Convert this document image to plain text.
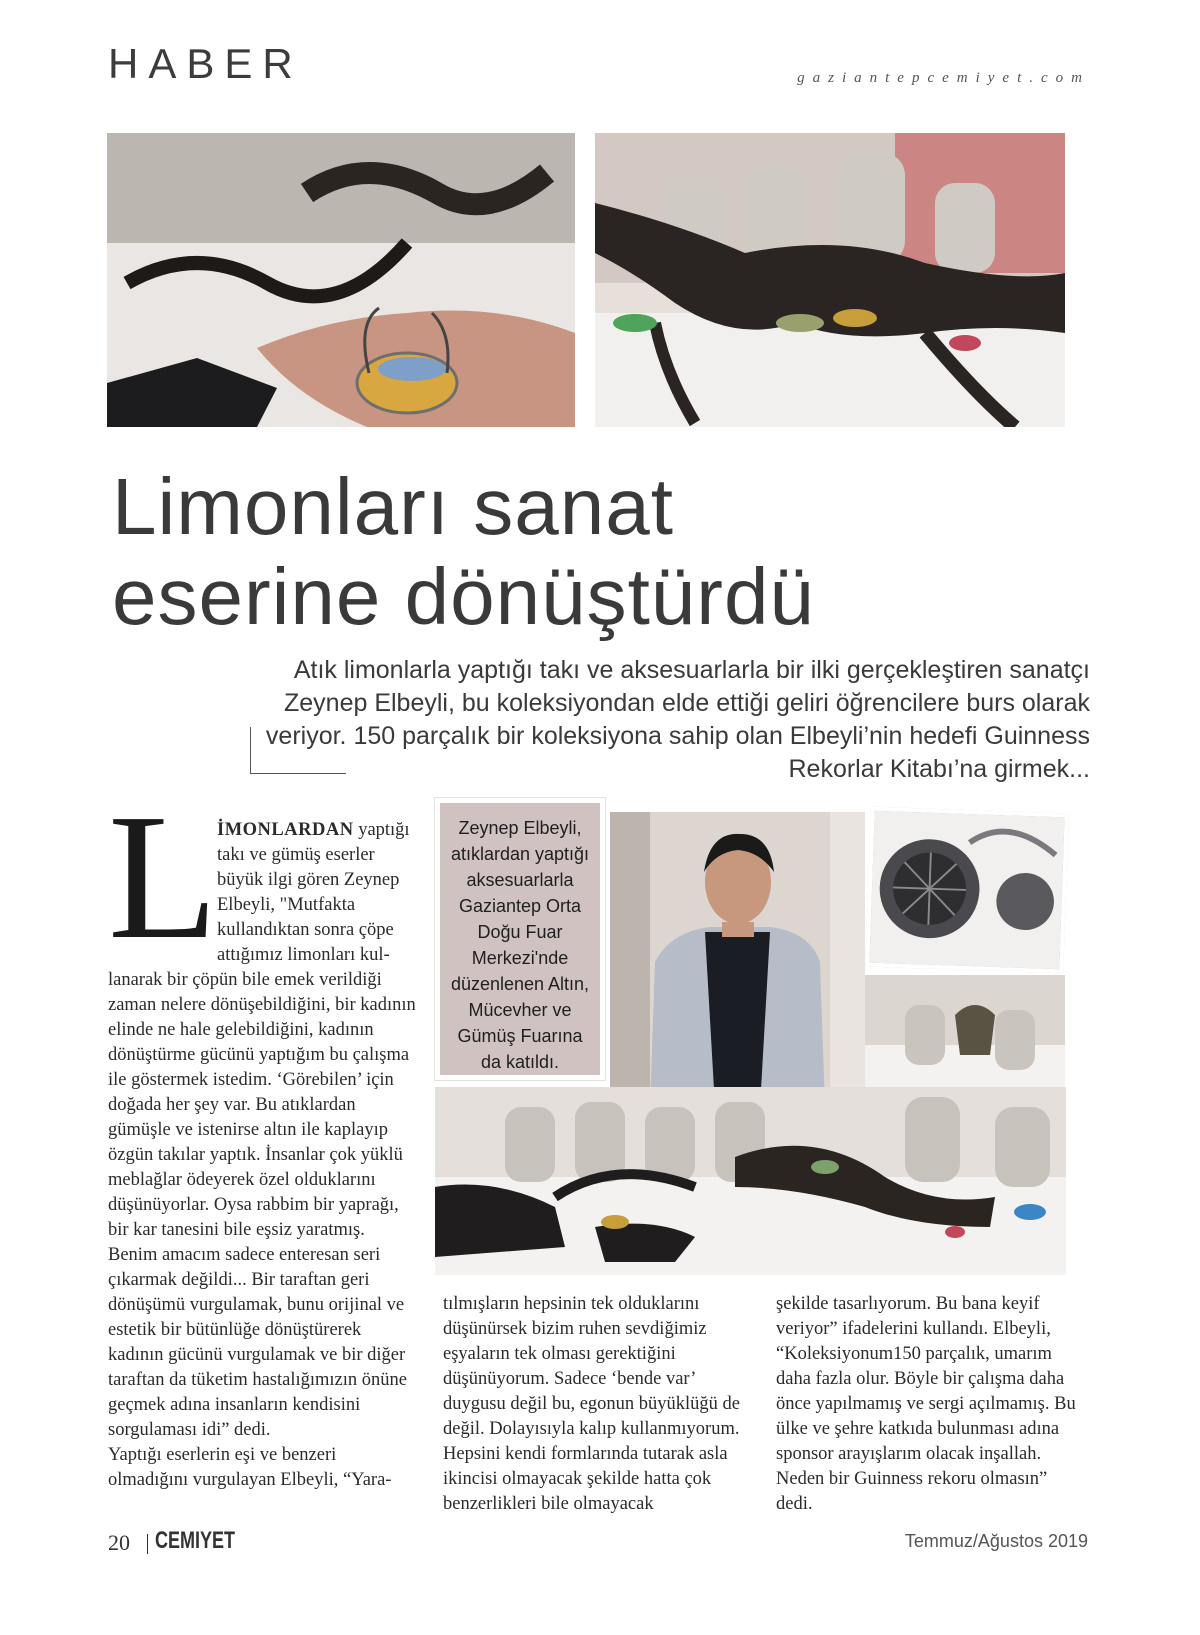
HABER	gaziantepcemiyet.com
Limonları sanat
eserine dönüştürdü
Atık limonlarla yaptığı takı ve aksesuarlarla bir ilki gerçekleştiren sanatçı Zeynep Elbeyli, bu koleksiyondan elde ettiği geliri öğrencilere burs olarak veriyor. 150 parçalık bir koleksiyona sahip olan Elbeyli’nin hedefi Guinness Rekorlar Kitabı’na girmek...
L İMONLARDAN yaptığı takı ve gümüş eserler büyük ilgi gören Zeynep Elbeyli, "Mutfakta kullandıktan sonra çöpe attığımız limonları kul-

lanarak bir çöpün bile emek verildiği zaman nelere dönüşebildiğini, bir kadının elinde ne hale gelebildiğini, kadının dönüştürme gücünü yaptığım bu çalışma ile göstermek istedim. ‘Görebilen’ için doğada her şey var. Bu atıklardan gümüşle ve istenirse altın ile kaplayıp özgün takılar yaptık. İnsanlar çok yüklü meblağlar ödeyerek özel olduklarını düşünüyorlar. Oysa rabbim bir yaprağı, bir kar tanesini bile eşsiz yaratmış. Benim amacım sadece enteresan seri çıkarmak değildi... Bir taraftan geri dönüşümü vurgulamak, bunu orijinal ve estetik bir bütünlüğe dönüştürerek kadının gücünü vurgulamak ve bir diğer taraftan da tüketim hastalığımızın önüne geçmek adına insanların kendisini sorgulaması idi” dedi.

Yaptığı eserlerin eşi ve benzeri olmadığını vurgulayan Elbeyli, “Yara-

Zeynep Elbeyli, atıklardan yaptığı aksesuarlarla Gaziantep Orta Doğu Fuar Merkezi'nde düzenlenen Altın, Mücevher ve Gümüş Fuarına da katıldı.

tılmışların hepsinin tek olduklarını düşünürsek bizim ruhen sevdiğimiz eşyaların tek olması gerektiğini düşünüyorum. Sadece ‘bende var’ duygusu değil bu, egonun büyüklüğü de değil. Dolayısıyla kalıp kullanmıyorum. Hepsini kendi formlarında tutarak asla ikincisi olmayacak şekilde hatta çok benzerlikleri bile olmayacak

şekilde tasarlıyorum. Bu bana keyif veriyor” ifadelerini kullandı. Elbeyli, “Koleksiyonum150 parçalık, umarım daha fazla olur. Böyle bir çalışma daha önce yapılmamış ve sergi açılmamış. Bu ülke ve şehre katkıda bulunması adına sponsor arayışlarım olacak inşallah. Neden bir Guinness rekoru olmasın” dedi.

20 CEMIYET	Temmuz/Ağustos 2019
